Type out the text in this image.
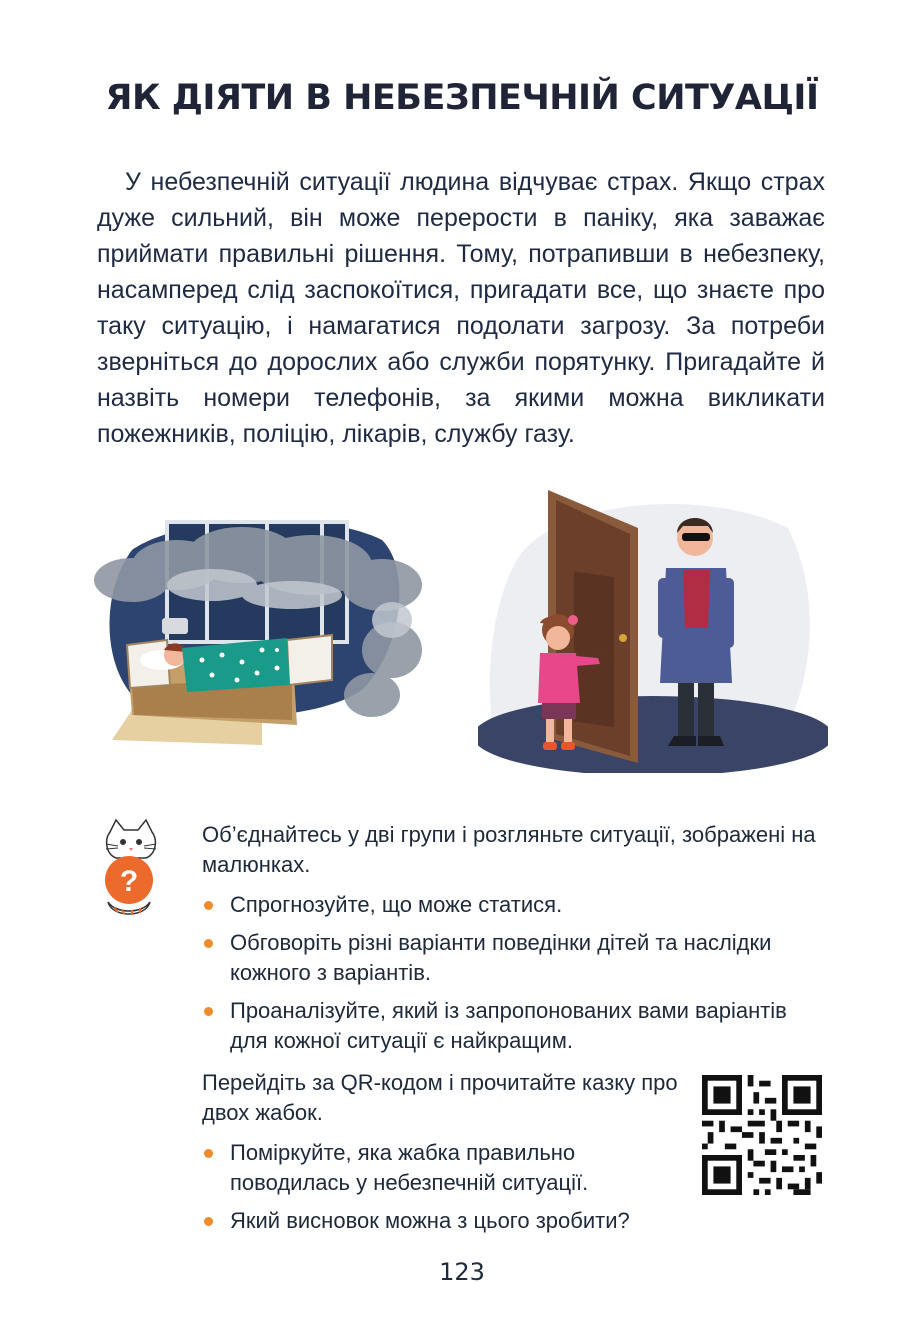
ЯК ДІЯТИ В НЕБЕЗПЕЧНІЙ СИТУАЦІЇ

У небезпечній ситуації людина відчуває страх. Якщо страх дуже сильний, він може перерости в паніку, яка заважає приймати правильні рішення. Тому, потрапивши в небезпеку, насамперед слід заспокоїтися, пригадати все, що знаєте про таку ситуацію, і намагатися подолати загрозу. За потреби зверніться до дорослих або служби порятунку. Пригадайте й назвіть номери телефонів, за якими можна викликати пожежників, поліцію, лікарів, службу газу.

?
Об’єднайтесь у дві групи і розгляньте ситуації, зображені на малюнках.
Спрогнозуйте, що може статися.
Обговоріть різні варіанти поведінки дітей та наслідки кожного з варіантів.
Проаналізуйте, який із запропонованих вами варіантів для кожної ситуації є найкращим.
Перейдіть за QR-кодом і прочитайте казку про двох жабок.
Поміркуйте, яка жабка правильно поводилась у небезпечній ситуації.
Який висновок можна з цього зробити?
123
